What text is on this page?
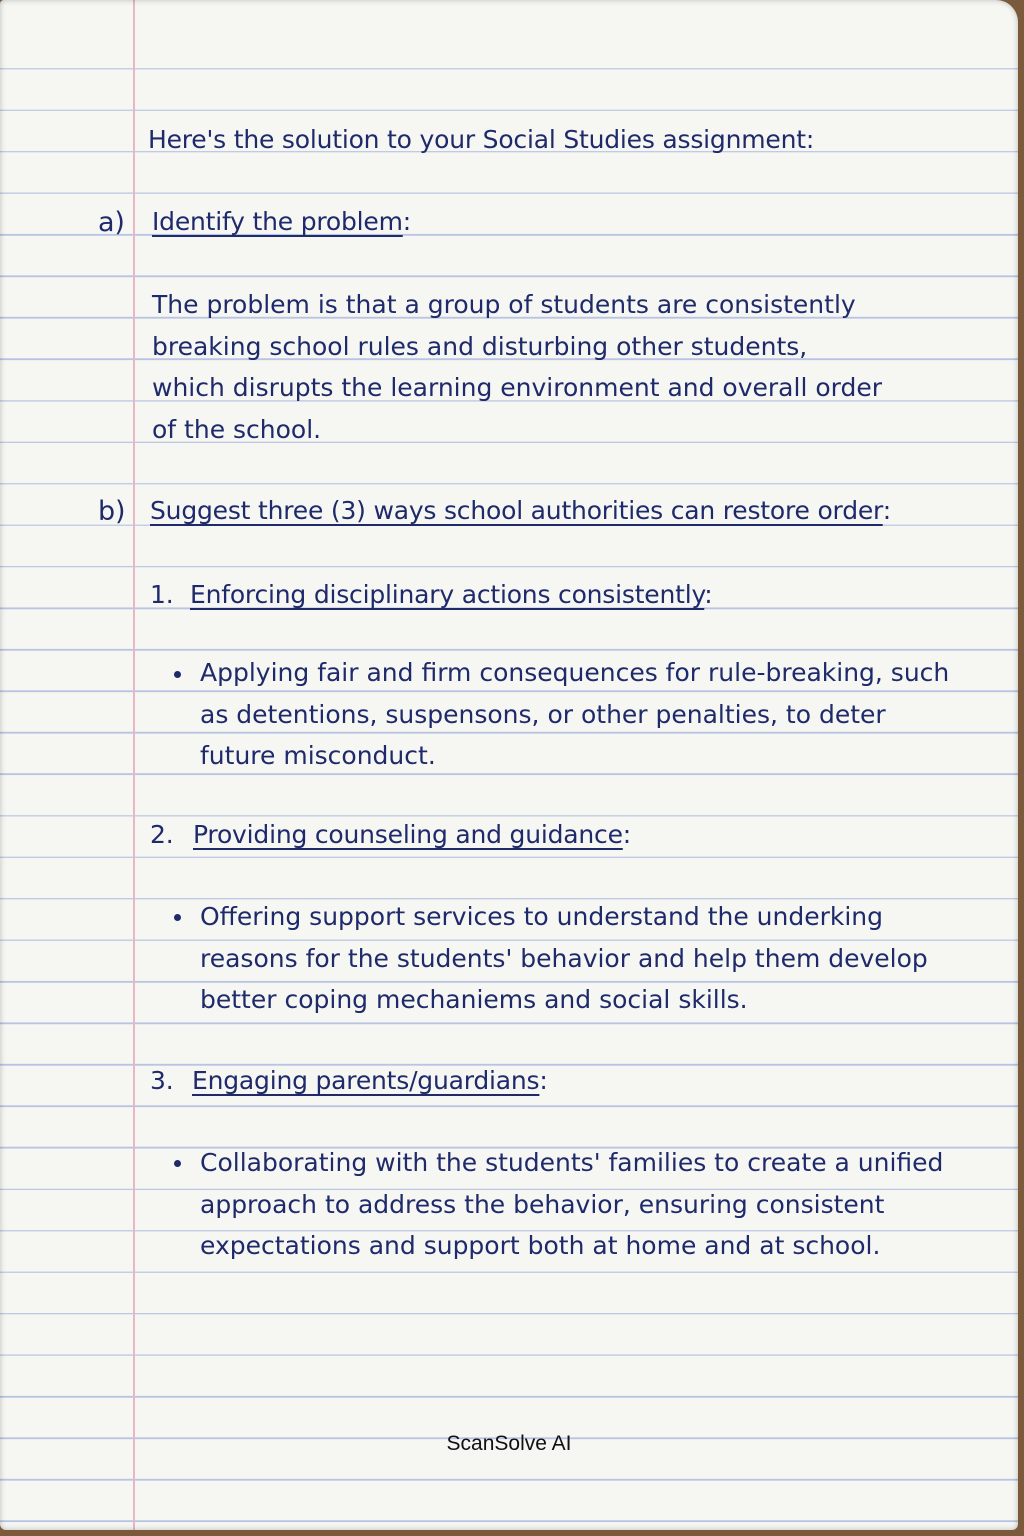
Here's the solution to your Social Studies assignment:
a) Identify the problem:
The problem is that a group of students are consistently
breaking school rules and disturbing other students,
which disrupts the learning environment and overall order
of the school.
b) Suggest three (3) ways school authorities can restore order:
1. Enforcing disciplinary actions consistently:
Applying fair and firm consequences for rule-breaking, such
as detentions, suspensons, or other penalties, to deter
future misconduct.
2. Providing counseling and guidance:
Offering support services to understand the underking
reasons for the students' behavior and help them develop
better coping mechaniems and social skills.
3. Engaging parents/guardians:
Collaborating with the students' families to create a unified
approach to address the behavior, ensuring consistent
expectations and support both at home and at school.
ScanSolve AI
